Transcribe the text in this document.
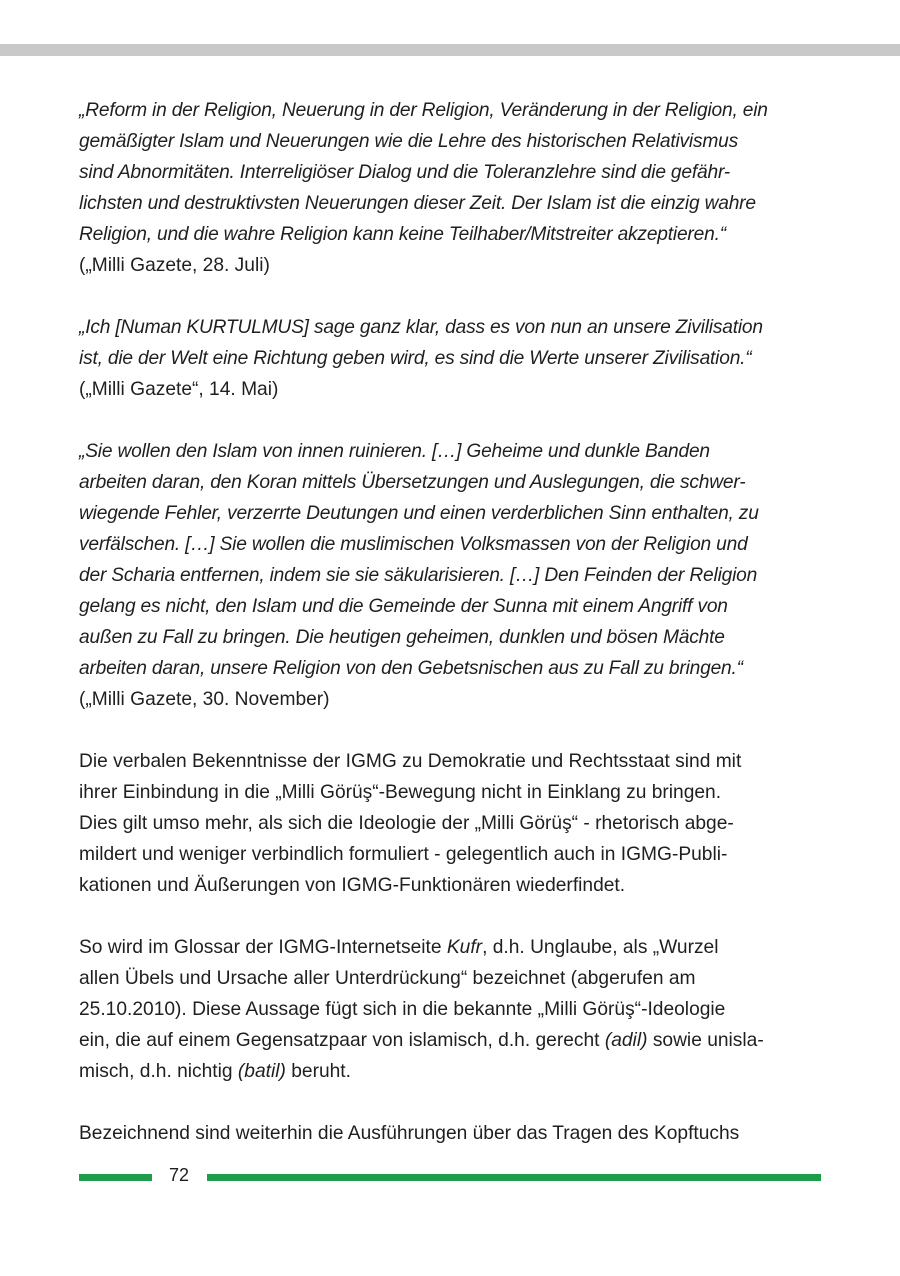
„Reform in der Religion, Neuerung in der Religion, Veränderung in der Religion, ein
gemäßigter Islam und Neuerungen wie die Lehre des historischen Relativismus
sind Abnormitäten. Interreligiöser Dialog und die Toleranzlehre sind die gefähr-
lichsten und destruktivsten Neuerungen dieser Zeit. Der Islam ist die einzig wahre
Religion, und die wahre Religion kann keine Teilhaber/Mitstreiter akzeptieren.“
(„Milli Gazete, 28. Juli)
„Ich [Numan KURTULMUS] sage ganz klar, dass es von nun an unsere Zivilisation
ist, die der Welt eine Richtung geben wird, es sind die Werte unserer Zivilisation.“
(„Milli Gazete“, 14. Mai)
„Sie wollen den Islam von innen ruinieren. […] Geheime und dunkle Banden
arbeiten daran, den Koran mittels Übersetzungen und Auslegungen, die schwer-
wiegende Fehler, verzerrte Deutungen und einen verderblichen Sinn enthalten, zu
verfälschen. […] Sie wollen die muslimischen Volksmassen von der Religion und
der Scharia entfernen, indem sie sie säkularisieren. […] Den Feinden der Religion
gelang es nicht, den Islam und die Gemeinde der Sunna mit einem Angriff von
außen zu Fall zu bringen. Die heutigen geheimen, dunklen und bösen Mächte
arbeiten daran, unsere Religion von den Gebetsnischen aus zu Fall zu bringen.“
(„Milli Gazete, 30. November)
Die verbalen Bekenntnisse der IGMG zu Demokratie und Rechtsstaat sind mit
ihrer Einbindung in die „Milli Görüş“-Bewegung nicht in Einklang zu bringen.
Dies gilt umso mehr, als sich die Ideologie der „Milli Görüş“ - rhetorisch abge-
mildert und weniger verbindlich formuliert - gelegentlich auch in IGMG-Publi-
kationen und Äußerungen von IGMG-Funktionären wiederfindet.
So wird im Glossar der IGMG-Internetseite Kufr, d.h. Unglaube, als „Wurzel
allen Übels und Ursache aller Unterdrückung“ bezeichnet (abgerufen am
25.10.2010). Diese Aussage fügt sich in die bekannte „Milli Görüş“-Ideologie
ein, die auf einem Gegensatzpaar von islamisch, d.h. gerecht (adil) sowie unisla-
misch, d.h. nichtig (batil) beruht.
Bezeichnend sind weiterhin die Ausführungen über das Tragen des Kopftuchs
72
